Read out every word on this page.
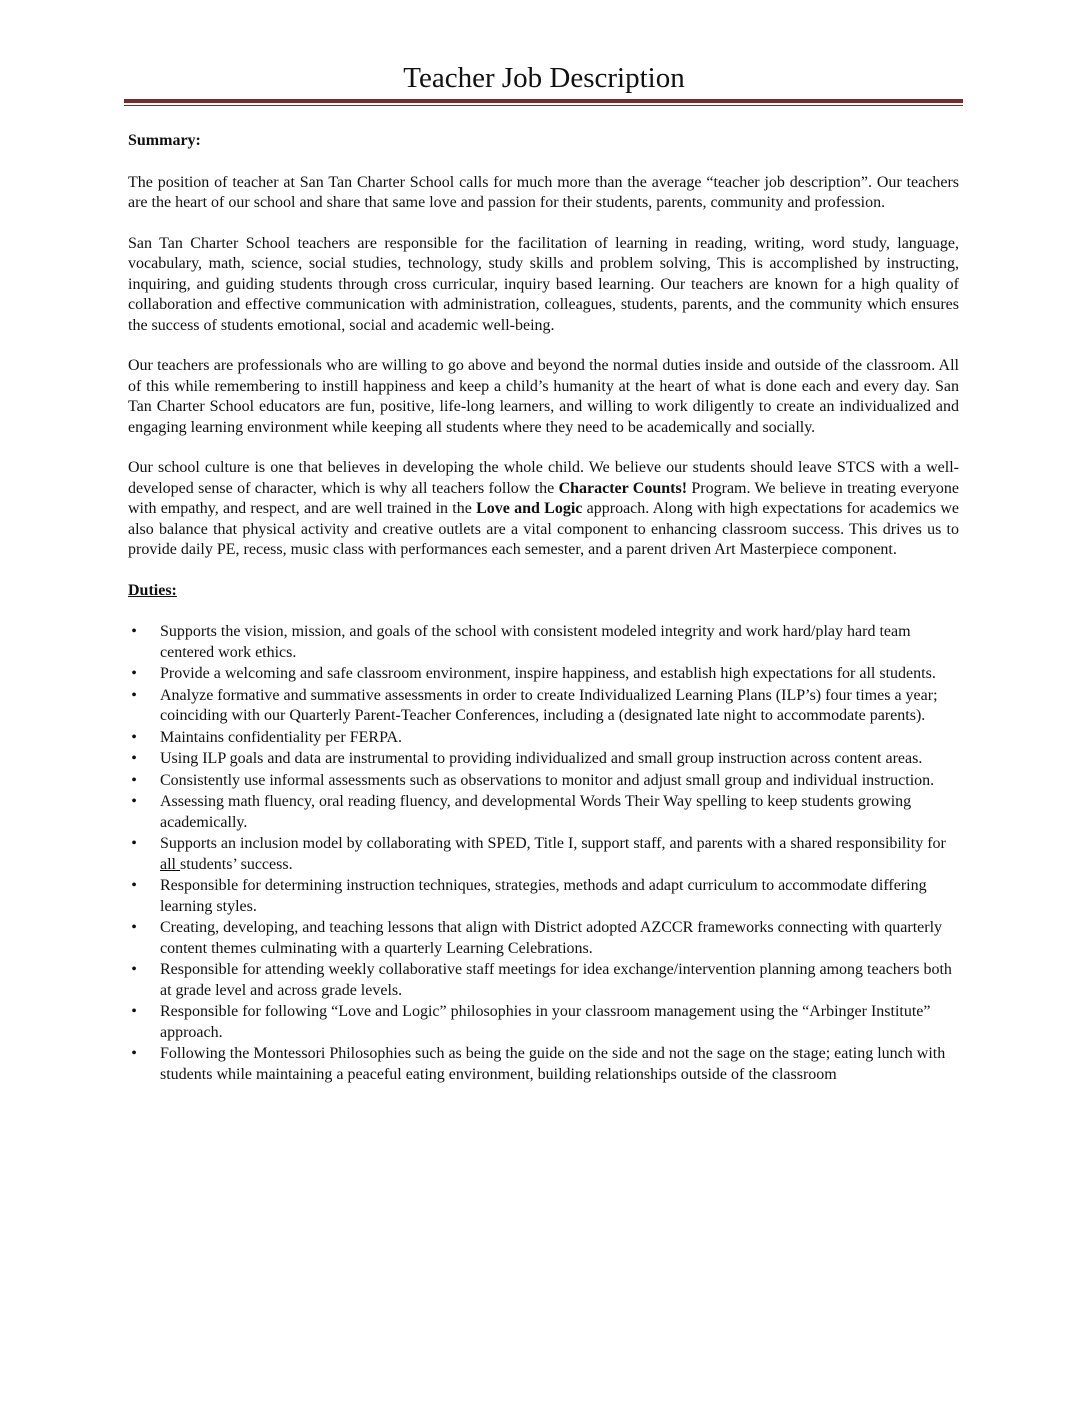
Teacher Job Description

Summary:

The position of teacher at San Tan Charter School calls for much more than the average “teacher job description”. Our teachers are the heart of our school and share that same love and passion for their students, parents, community and profession.

San Tan Charter School teachers are responsible for the facilitation of learning in reading, writing, word study, language, vocabulary, math, science, social studies, technology, study skills and problem solving, This is accomplished by instructing, inquiring, and guiding students through cross curricular, inquiry based learning. Our teachers are known for a high quality of collaboration and effective communication with administration, colleagues, students, parents, and the community which ensures the success of students emotional, social and academic well-being.

Our teachers are professionals who are willing to go above and beyond the normal duties inside and outside of the classroom. All of this while remembering to instill happiness and keep a child’s humanity at the heart of what is done each and every day. San Tan Charter School educators are fun, positive, life-long learners, and willing to work diligently to create an individualized and engaging learning environment while keeping all students where they need to be academically and socially.

Our school culture is one that believes in developing the whole child. We believe our students should leave STCS with a well-developed sense of character, which is why all teachers follow the Character Counts! Program. We believe in treating everyone with empathy, and respect, and are well trained in the Love and Logic approach. Along with high expectations for academics we also balance that physical activity and creative outlets are a vital component to enhancing classroom success. This drives us to provide daily PE, recess, music class with performances each semester, and a parent driven Art Masterpiece component.

Duties:

• Supports the vision, mission, and goals of the school with consistent modeled integrity and work hard/play hard team centered work ethics.
• Provide a welcoming and safe classroom environment, inspire happiness, and establish high expectations for all students.
• Analyze formative and summative assessments in order to create Individualized Learning Plans (ILP’s) four times a year; coinciding with our Quarterly Parent-Teacher Conferences, including a (designated late night to accommodate parents).
• Maintains confidentiality per FERPA.
• Using ILP goals and data are instrumental to providing individualized and small group instruction across content areas.
• Consistently use informal assessments such as observations to monitor and adjust small group and individual instruction.
• Assessing math fluency, oral reading fluency, and developmental Words Their Way spelling to keep students growing academically.
• Supports an inclusion model by collaborating with SPED, Title I, support staff, and parents with a shared responsibility for all students’ success.
• Responsible for determining instruction techniques, strategies, methods and adapt curriculum to accommodate differing learning styles.
• Creating, developing, and teaching lessons that align with District adopted AZCCR frameworks connecting with quarterly content themes culminating with a quarterly Learning Celebrations.
• Responsible for attending weekly collaborative staff meetings for idea exchange/intervention planning among teachers both at grade level and across grade levels.
• Responsible for following “Love and Logic” philosophies in your classroom management using the “Arbinger Institute” approach.
• Following the Montessori Philosophies such as being the guide on the side and not the sage on the stage; eating lunch with students while maintaining a peaceful eating environment, building relationships outside of the classroom
